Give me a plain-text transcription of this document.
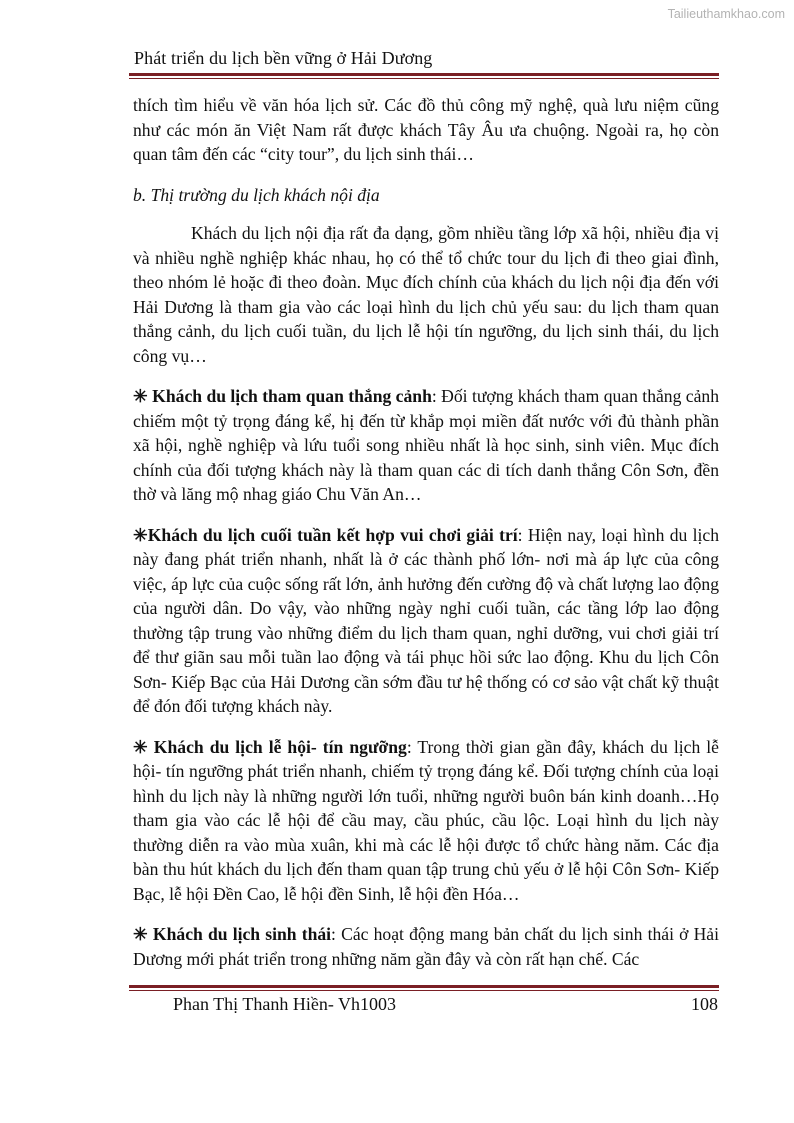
Tailieuthamkhao.com
Phát triển du lịch bền vững ở Hải Dương

thích tìm hiểu về văn hóa lịch sử. Các đồ thủ công mỹ nghệ, quà lưu niệm cũng như các món ăn Việt Nam rất được khách Tây Âu ưa chuộng. Ngoài ra, họ còn quan tâm đến các “city tour”, du lịch sinh thái…

b. Thị trường du lịch khách nội địa

Khách du lịch nội địa rất đa dạng, gồm nhiều tầng lớp xã hội, nhiều địa vị và nhiều nghề nghiệp khác nhau, họ có thể tổ chức tour du lịch đi theo giai đình, theo nhóm lẻ hoặc đi theo đoàn. Mục đích chính của khách du lịch nội địa đến với Hải Dương là tham gia vào các loại hình du lịch chủ yếu sau: du lịch tham quan thắng cảnh, du lịch cuối tuần, du lịch lễ hội tín ngưỡng, du lịch sinh thái, du lịch công vụ…

✳ Khách du lịch tham quan thắng cảnh: Đối tượng khách tham quan thắng cảnh chiếm một tỷ trọng đáng kể, hị đến từ khắp mọi miền đất nước với đủ thành phần xã hội, nghề nghiệp và lứu tuổi song nhiều nhất là học sinh, sinh viên. Mục đích chính của đối tượng khách này là tham quan các di tích danh thắng Côn Sơn, đền thờ và lăng mộ nhag giáo Chu Văn An…

✳Khách du lịch cuối tuần kết hợp vui chơi giải trí: Hiện nay, loại hình du lịch này đang phát triển nhanh, nhất là ở các thành phố lớn- nơi mà áp lực của công việc, áp lực của cuộc sống rất lớn, ảnh hưởng đến cường độ và chất lượng lao động của người dân. Do vậy, vào những ngày nghỉ cuối tuần, các tầng lớp lao động thường tập trung vào những điểm du lịch tham quan, nghỉ dưỡng, vui chơi giải trí để thư giãn sau mỗi tuần lao động và tái phục hồi sức lao động. Khu du lịch Côn Sơn- Kiếp Bạc của Hải Dương cần sớm đầu tư hệ thống có cơ sảo vật chất kỹ thuật để đón đối tượng khách này.

✳ Khách du lịch lễ hội- tín ngưỡng: Trong thời gian gần đây, khách du lịch lễ hội- tín ngưỡng phát triển nhanh, chiếm tỷ trọng đáng kể. Đối tượng chính của loại hình du lịch này là những người lớn tuổi, những người buôn bán kinh doanh…Họ tham gia vào các lễ hội để cầu may, cầu phúc, cầu lộc. Loại hình du lịch này thường diễn ra vào mùa xuân, khi mà các lễ hội được tổ chức hàng năm. Các địa bàn thu hút khách du lịch đến tham quan tập trung chủ yếu ở lễ hội Côn Sơn- Kiếp Bạc, lễ hội Đền Cao, lễ hội đền Sinh, lễ hội đền Hóa…

✳ Khách du lịch sinh thái: Các hoạt động mang bản chất du lịch sinh thái ở Hải Dương mới phát triển trong những năm gần đây và còn rất hạn chế. Các

Phan Thị Thanh Hiền- Vh1003	108
